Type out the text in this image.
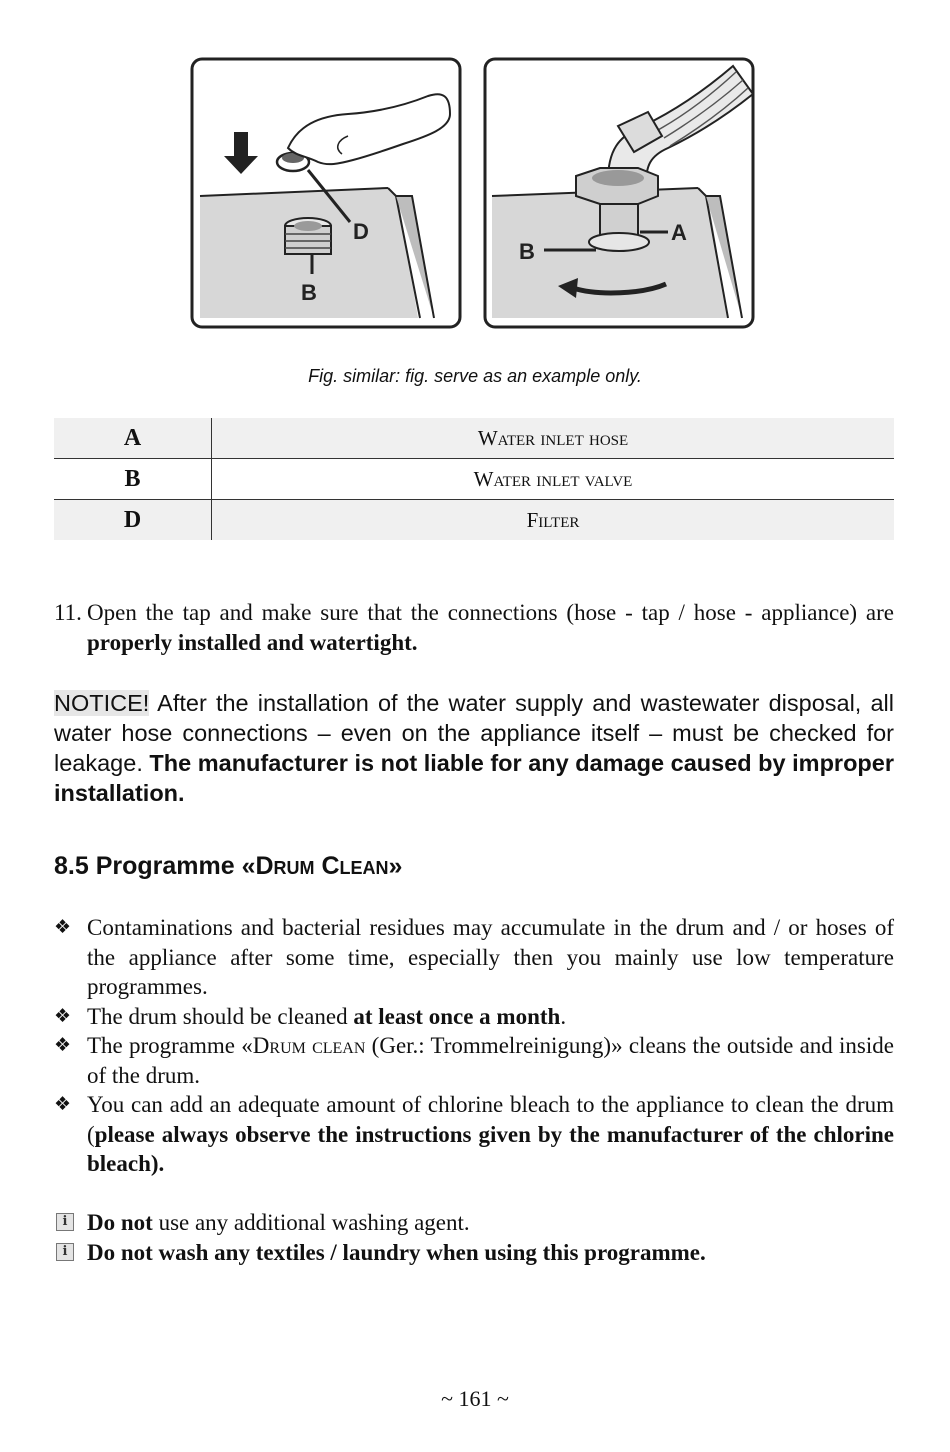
D
B
A
B
Fig. similar: fig. serve as an example only.
A	Water inlet hose
B	Water inlet valve
D	Filter
11. Open the tap and make sure that the connections (hose - tap / hose - appliance) are properly installed and watertight.
NOTICE! After the installation of the water supply and wastewater disposal, all water hose connections – even on the appliance itself – must be checked for leakage. The manufacturer is not liable for any damage caused by improper installation.
8.5 Programme «Drum Clean»
❖ Contaminations and bacterial residues may accumulate in the drum and / or hoses of the appliance after some time, especially then you mainly use low temperature programmes.
❖ The drum should be cleaned at least once a month.
❖ The programme «Drum clean (Ger.: Trommelreinigung)» cleans the outside and inside of the drum.
❖ You can add an adequate amount of chlorine bleach to the appliance to clean the drum (please always observe the instructions given by the manufacturer of the chlorine bleach).
i Do not use any additional washing agent.
i Do not wash any textiles / laundry when using this programme.
~ 161 ~
